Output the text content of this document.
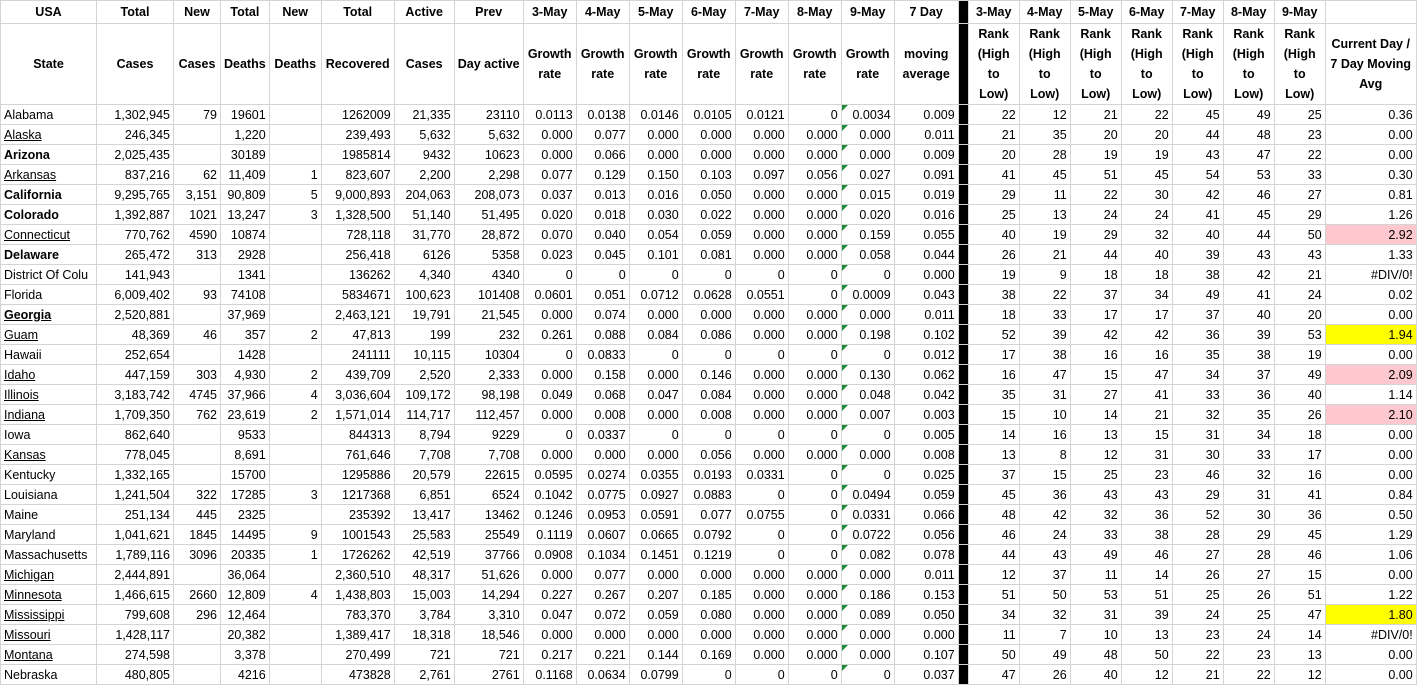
USA	Total	New	Total	New	Total	Active	Prev	3-May	4-May	5-May	6-May	7-May	8-May	9-May	7 Day		3-May	4-May	5-May	6-May	7-May	8-May	9-May	
State	Cases	Cases	Deaths	Deaths	Recovered	Cases	Day active	Growth rate	Growth rate	Growth rate	Growth rate	Growth rate	Growth rate	Growth rate	moving average		Rank (High to Low)	Rank (High to Low)	Rank (High to Low)	Rank (High to Low)	Rank (High to Low)	Rank (High to Low)	Rank (High to Low)	Current Day / 7 Day Moving Avg
Alabama	1,302,945	79	19601		1262009	21,335	23110	0.0113	0.0138	0.0146	0.0105	0.0121	0	0.0034	0.009		22	12	21	22	45	49	25	0.36
Alaska	246,345		1,220		239,493	5,632	5,632	0.000	0.077	0.000	0.000	0.000	0.000	0.000	0.011		21	35	20	20	44	48	23	0.00
Arizona	2,025,435		30189		1985814	9432	10623	0.000	0.066	0.000	0.000	0.000	0.000	0.000	0.009		20	28	19	19	43	47	22	0.00
Arkansas	837,216	62	11,409	1	823,607	2,200	2,298	0.077	0.129	0.150	0.103	0.097	0.056	0.027	0.091		41	45	51	45	54	53	33	0.30
California	9,295,765	3,151	90,809	5	9,000,893	204,063	208,073	0.037	0.013	0.016	0.050	0.000	0.000	0.015	0.019		29	11	22	30	42	46	27	0.81
Colorado	1,392,887	1021	13,247	3	1,328,500	51,140	51,495	0.020	0.018	0.030	0.022	0.000	0.000	0.020	0.016		25	13	24	24	41	45	29	1.26
Connecticut	770,762	4590	10874		728,118	31,770	28,872	0.070	0.040	0.054	0.059	0.000	0.000	0.159	0.055		40	19	29	32	40	44	50	2.92
Delaware	265,472	313	2928		256,418	6126	5358	0.023	0.045	0.101	0.081	0.000	0.000	0.058	0.044		26	21	44	40	39	43	43	1.33
District Of Colu	141,943		1341		136262	4,340	4340	0	0	0	0	0	0	0	0.000		19	9	18	18	38	42	21	#DIV/0!
Florida	6,009,402	93	74108		5834671	100,623	101408	0.0601	0.051	0.0712	0.0628	0.0551	0	0.0009	0.043		38	22	37	34	49	41	24	0.02
Georgia	2,520,881		37,969		2,463,121	19,791	21,545	0.000	0.074	0.000	0.000	0.000	0.000	0.000	0.011		18	33	17	17	37	40	20	0.00
Guam	48,369	46	357	2	47,813	199	232	0.261	0.088	0.084	0.086	0.000	0.000	0.198	0.102		52	39	42	42	36	39	53	1.94
Hawaii	252,654		1428		241111	10,115	10304	0	0.0833	0	0	0	0	0	0.012		17	38	16	16	35	38	19	0.00
Idaho	447,159	303	4,930	2	439,709	2,520	2,333	0.000	0.158	0.000	0.146	0.000	0.000	0.130	0.062		16	47	15	47	34	37	49	2.09
Illinois	3,183,742	4745	37,966	4	3,036,604	109,172	98,198	0.049	0.068	0.047	0.084	0.000	0.000	0.048	0.042		35	31	27	41	33	36	40	1.14
Indiana	1,709,350	762	23,619	2	1,571,014	114,717	112,457	0.000	0.008	0.000	0.008	0.000	0.000	0.007	0.003		15	10	14	21	32	35	26	2.10
Iowa	862,640		9533		844313	8,794	9229	0	0.0337	0	0	0	0	0	0.005		14	16	13	15	31	34	18	0.00
Kansas	778,045		8,691		761,646	7,708	7,708	0.000	0.000	0.000	0.056	0.000	0.000	0.000	0.008		13	8	12	31	30	33	17	0.00
Kentucky	1,332,165		15700		1295886	20,579	22615	0.0595	0.0274	0.0355	0.0193	0.0331	0	0	0.025		37	15	25	23	46	32	16	0.00
Louisiana	1,241,504	322	17285	3	1217368	6,851	6524	0.1042	0.0775	0.0927	0.0883	0	0	0.0494	0.059		45	36	43	43	29	31	41	0.84
Maine	251,134	445	2325		235392	13,417	13462	0.1246	0.0953	0.0591	0.077	0.0755	0	0.0331	0.066		48	42	32	36	52	30	36	0.50
Maryland	1,041,621	1845	14495	9	1001543	25,583	25549	0.1119	0.0607	0.0665	0.0792	0	0	0.0722	0.056		46	24	33	38	28	29	45	1.29
Massachusetts	1,789,116	3096	20335	1	1726262	42,519	37766	0.0908	0.1034	0.1451	0.1219	0	0	0.082	0.078		44	43	49	46	27	28	46	1.06
Michigan	2,444,891		36,064		2,360,510	48,317	51,626	0.000	0.077	0.000	0.000	0.000	0.000	0.000	0.011		12	37	11	14	26	27	15	0.00
Minnesota	1,466,615	2660	12,809	4	1,438,803	15,003	14,294	0.227	0.267	0.207	0.185	0.000	0.000	0.186	0.153		51	50	53	51	25	26	51	1.22
Mississippi	799,608	296	12,464		783,370	3,784	3,310	0.047	0.072	0.059	0.080	0.000	0.000	0.089	0.050		34	32	31	39	24	25	47	1.80
Missouri	1,428,117		20,382		1,389,417	18,318	18,546	0.000	0.000	0.000	0.000	0.000	0.000	0.000	0.000		11	7	10	13	23	24	14	#DIV/0!
Montana	274,598		3,378		270,499	721	721	0.217	0.221	0.144	0.169	0.000	0.000	0.000	0.107		50	49	48	50	22	23	13	0.00
Nebraska	480,805		4216		473828	2,761	2761	0.1168	0.0634	0.0799	0	0	0	0	0.037		47	26	40	12	21	22	12	0.00
